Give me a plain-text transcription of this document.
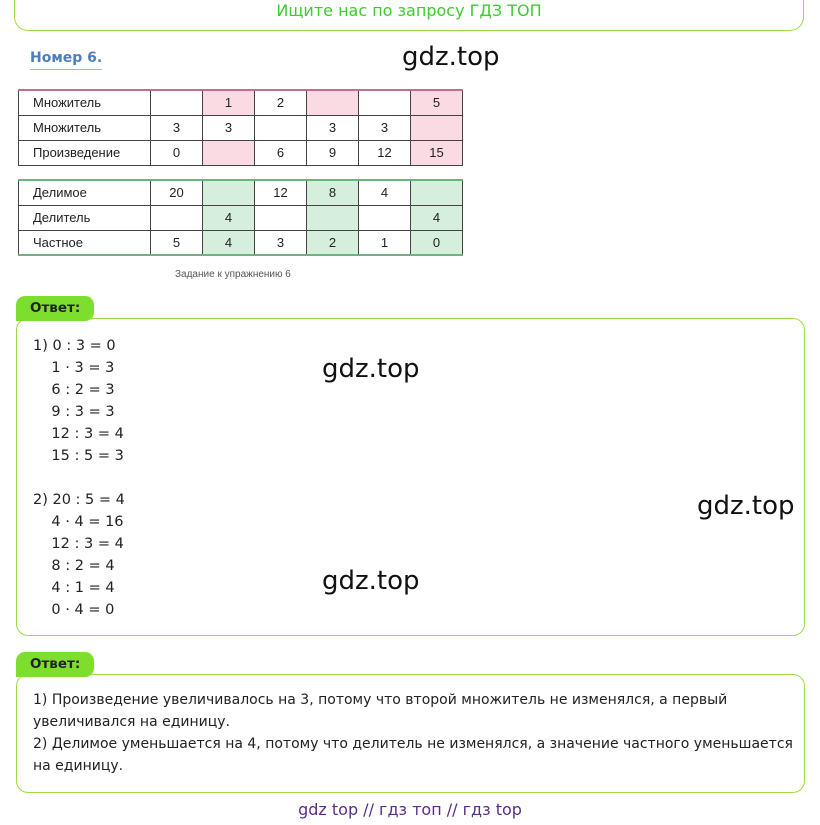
Ищите нас по запросу ГДЗ ТОП
Номер 6.	gdz.top
Множитель		1	2			5
Множитель	3	3		3	3	
Произведение	0		6	9	12	15
Делимое	20		12	8	4	
Делитель		4				4
Частное	5	4	3	2	1	0
Задание к упражнению 6
Ответ:
1) 0 : 3 = 0
1 · 3 = 3
6 : 2 = 3
9 : 3 = 3
12 : 3 = 4
15 : 5 = 3
2) 20 : 5 = 4
4 · 4 = 16
12 : 3 = 4
8 : 2 = 4
4 : 1 = 4
0 · 4 = 0
gdz.top
gdz.top
gdz.top
Ответ:
1) Произведение увеличивалось на 3, потому что второй множитель не изменялся, а первый увеличивался на единицу.
2) Делимое уменьшается на 4, потому что делитель не изменялся, а значение частного уменьшается на единицу.
gdz top // гдз топ // гдз top
